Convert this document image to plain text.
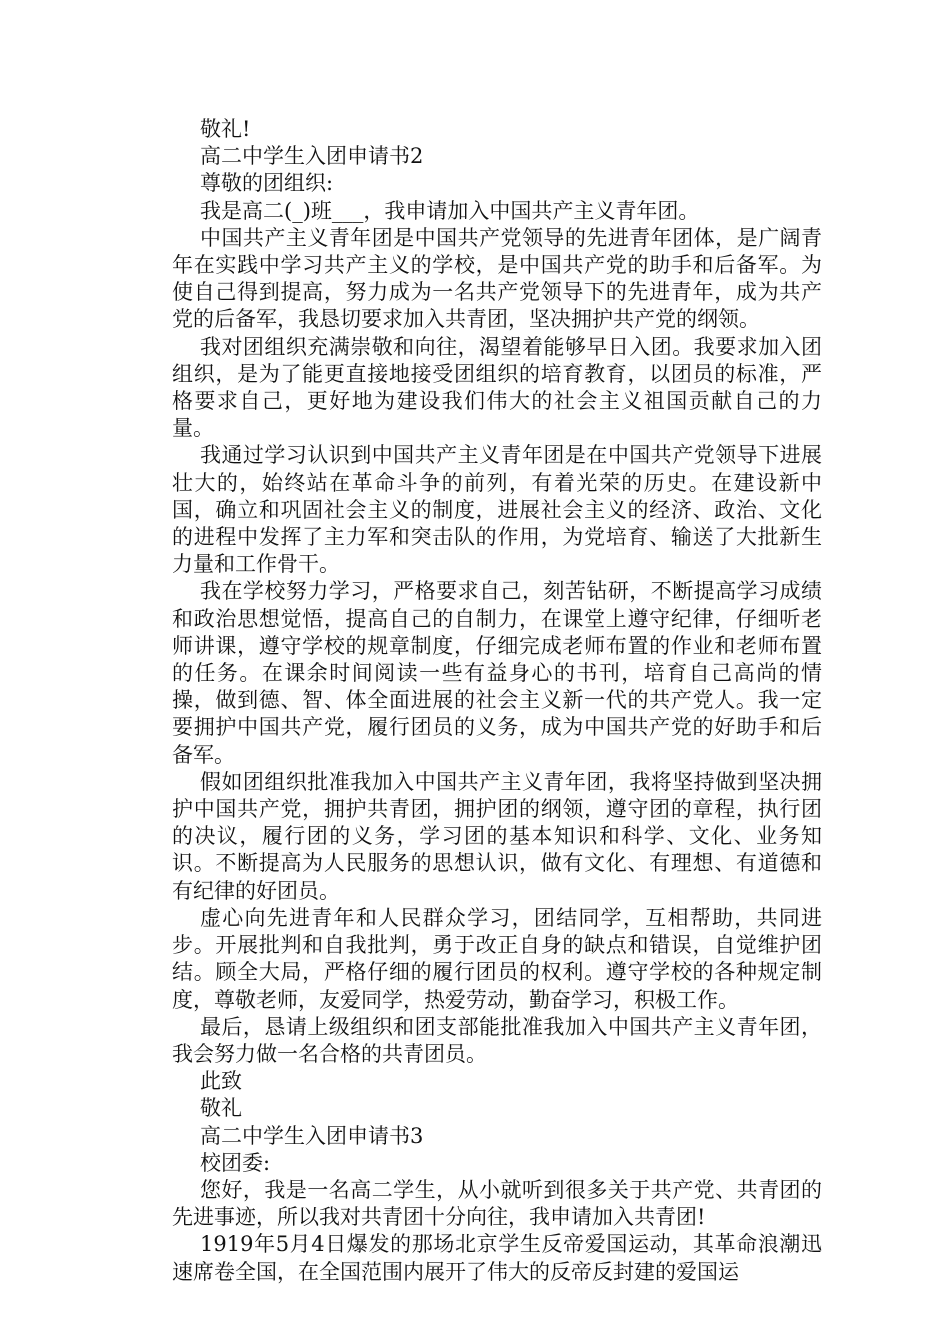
敬礼!

高二中学生入团申请书2

尊敬的团组织:

我是高二(_)班___，我申请加入中国共产主义青年团。

中国共产主义青年团是中国共产党领导的先进青年团体，是广阔青年在实践中学习共产主义的学校，是中国共产党的助手和后备军。为使自己得到提高，努力成为一名共产党领导下的先进青年，成为共产党的后备军，我恳切要求加入共青团，坚决拥护共产党的纲领。

我对团组织充满崇敬和向往，渴望着能够早日入团。我要求加入团组织，是为了能更直接地接受团组织的培育教育，以团员的标准，严格要求自己，更好地为建设我们伟大的社会主义祖国贡献自己的力量。

我通过学习认识到中国共产主义青年团是在中国共产党领导下进展壮大的，始终站在革命斗争的前列，有着光荣的历史。在建设新中国，确立和巩固社会主义的制度，进展社会主义的经济、政治、文化的进程中发挥了主力军和突击队的作用，为党培育、输送了大批新生力量和工作骨干。

我在学校努力学习，严格要求自己，刻苦钻研，不断提高学习成绩和政治思想觉悟，提高自己的自制力，在课堂上遵守纪律，仔细听老师讲课，遵守学校的规章制度，仔细完成老师布置的作业和老师布置的任务。在课余时间阅读一些有益身心的书刊，培育自己高尚的情操，做到德、智、体全面进展的社会主义新一代的共产党人。我一定要拥护中国共产党，履行团员的义务，成为中国共产党的好助手和后备军。

假如团组织批准我加入中国共产主义青年团，我将坚持做到坚决拥护中国共产党，拥护共青团，拥护团的纲领，遵守团的章程，执行团的决议，履行团的义务，学习团的基本知识和科学、文化、业务知识。不断提高为人民服务的思想认识，做有文化、有理想、有道德和有纪律的好团员。

虚心向先进青年和人民群众学习，团结同学，互相帮助，共同进步。开展批判和自我批判，勇于改正自身的缺点和错误，自觉维护团结。顾全大局，严格仔细的履行团员的权利。遵守学校的各种规定制度，尊敬老师，友爱同学，热爱劳动，勤奋学习，积极工作。

最后，恳请上级组织和团支部能批准我加入中国共产主义青年团，我会努力做一名合格的共青团员。

此致

敬礼

高二中学生入团申请书3

校团委:

您好，我是一名高二学生，从小就听到很多关于共产党、共青团的先进事迹，所以我对共青团十分向往，我申请加入共青团!

1919年5月4日爆发的那场北京学生反帝爱国运动，其革命浪潮迅速席卷全国，在全国范围内展开了伟大的反帝反封建的爱国运
